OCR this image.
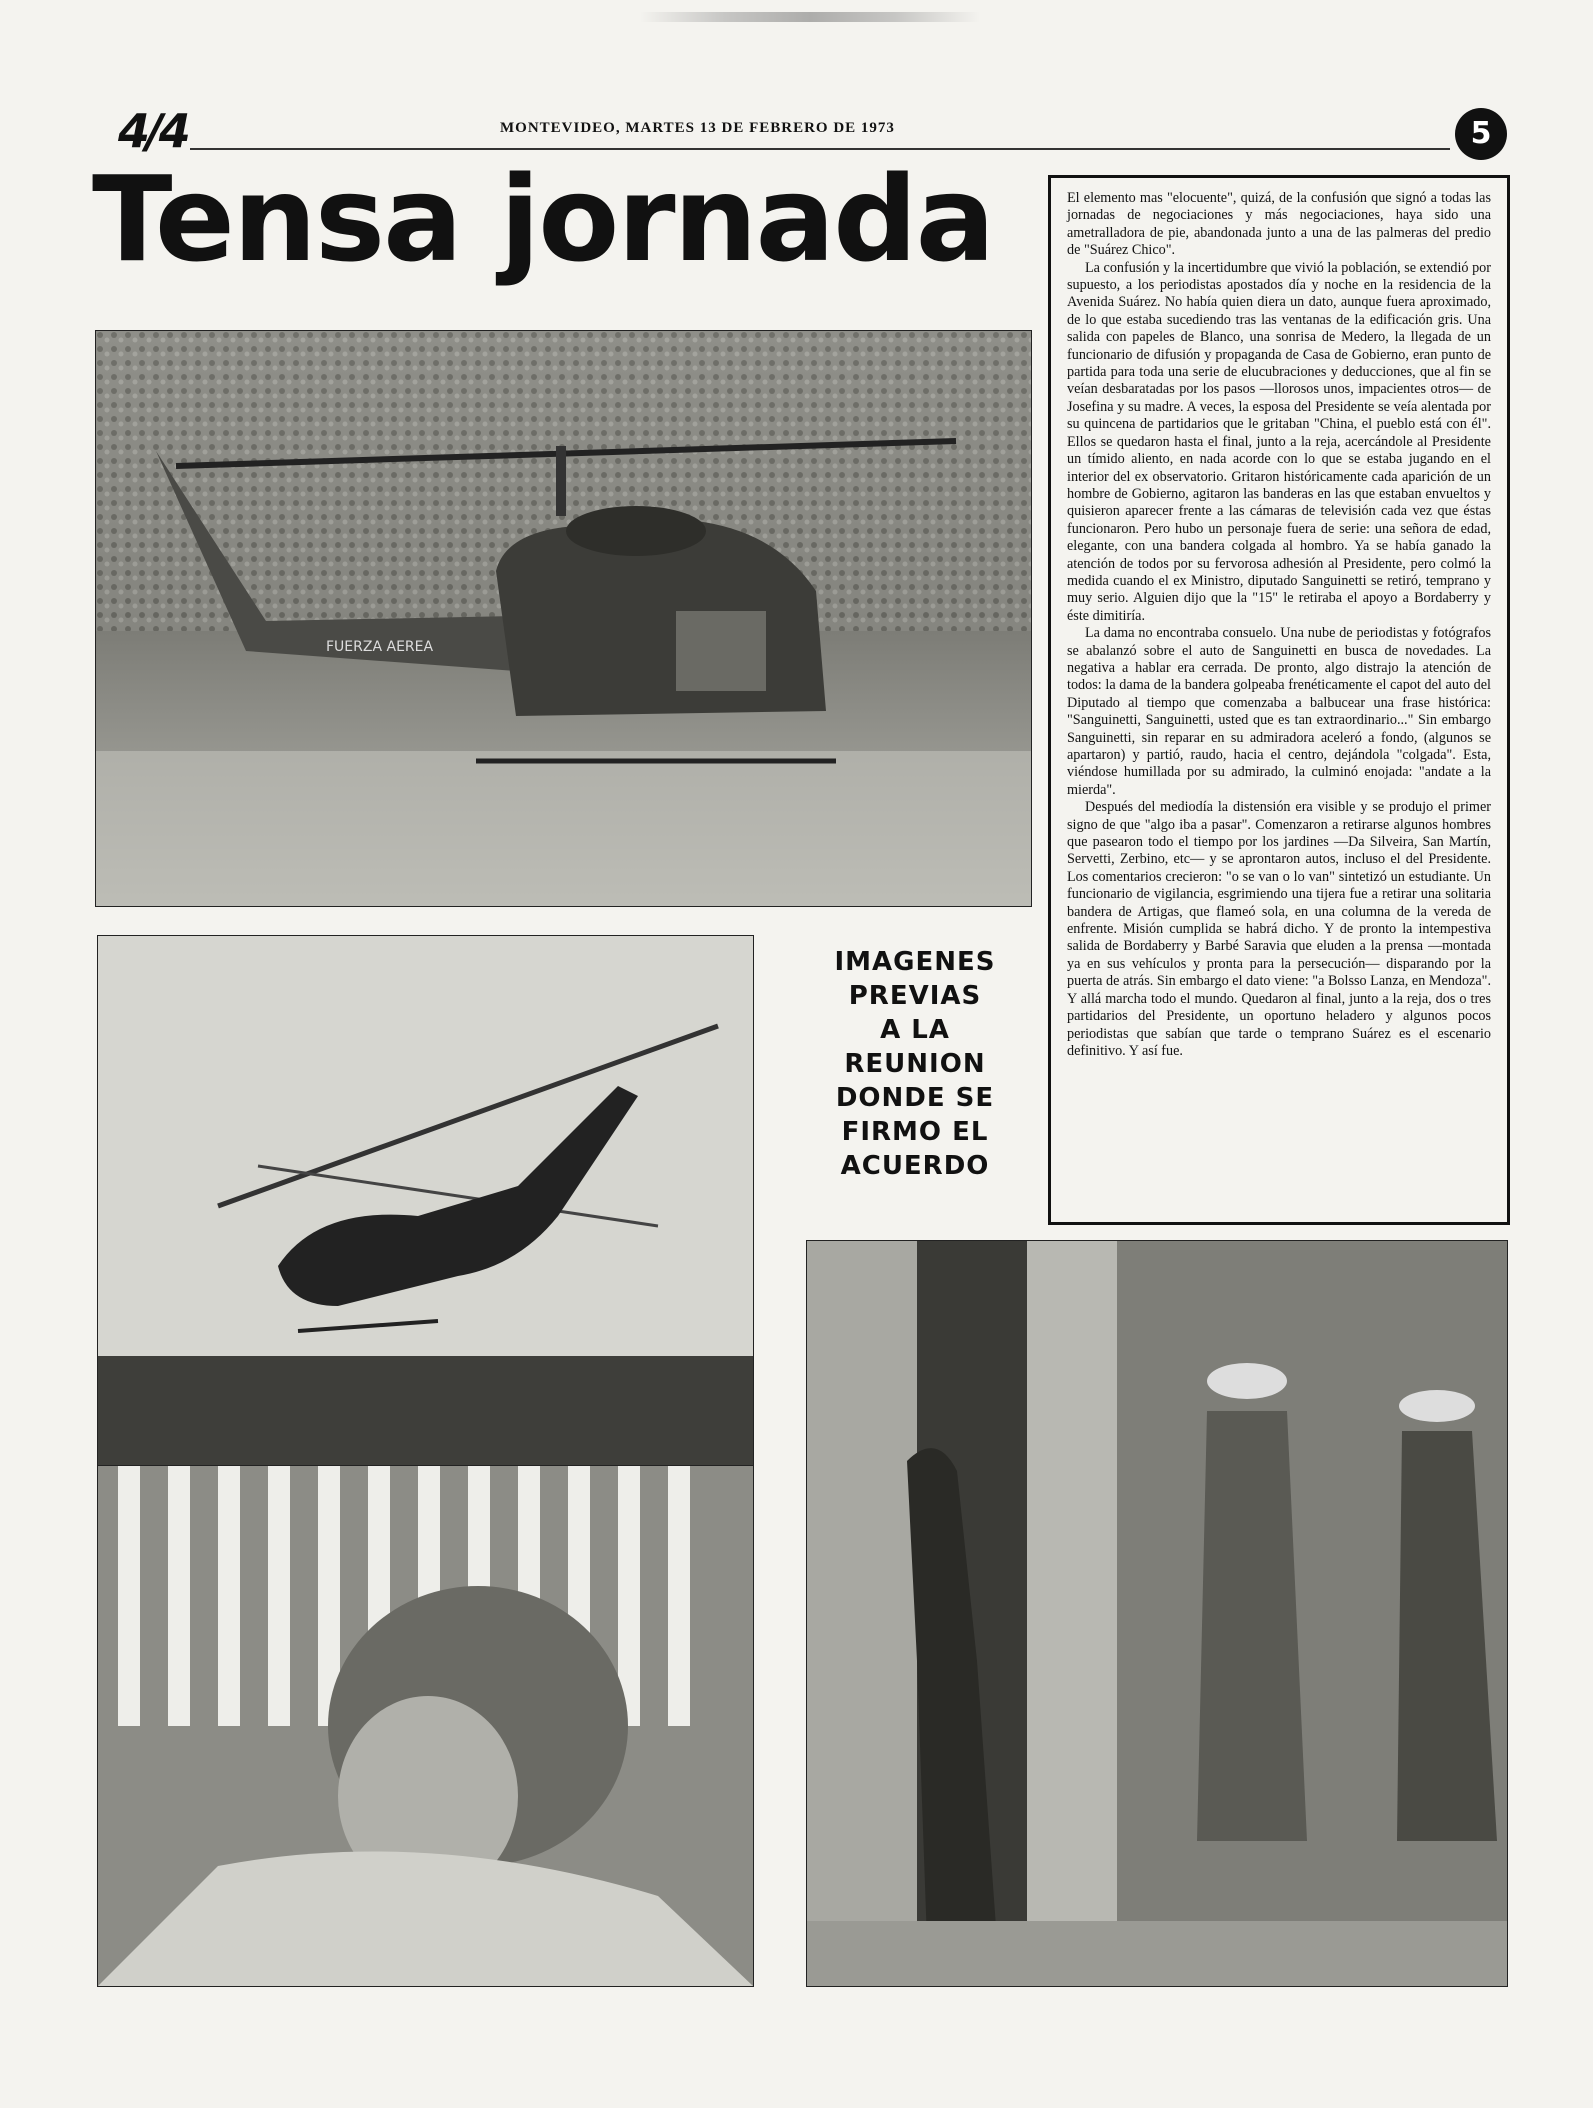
4/4	MONTEVIDEO, MARTES 13 DE FEBRERO DE 1973	5
Tensa jornada
FUERZA AEREA
IMAGENES
PREVIAS
A LA
REUNION
DONDE SE
FIRMO EL
ACUERDO

El elemento mas "elocuente", quizá, de la confusión que signó a todas las jornadas de negociaciones y más negociaciones, haya sido una ametralladora de pie, abandonada junto a una de las palmeras del predio de "Suárez Chico".

La confusión y la incertidumbre que vivió la población, se extendió por supuesto, a los periodistas apostados día y noche en la residencia de la Avenida Suárez. No había quien diera un dato, aunque fuera aproximado, de lo que estaba sucediendo tras las ventanas de la edificación gris. Una salida con papeles de Blanco, una sonrisa de Medero, la llegada de un funcionario de difusión y propaganda de Casa de Gobierno, eran punto de partida para toda una serie de elucubraciones y deducciones, que al fin se veían desbaratadas por los pasos —llorosos unos, impacientes otros— de Josefina y su madre. A veces, la esposa del Presidente se veía alentada por su quincena de partidarios que le gritaban "China, el pueblo está con él". Ellos se quedaron hasta el final, junto a la reja, acercándole al Presidente un tímido aliento, en nada acorde con lo que se estaba jugando en el interior del ex observatorio. Gritaron históricamente cada aparición de un hombre de Gobierno, agitaron las banderas en las que estaban envueltos y quisieron aparecer frente a las cámaras de televisión cada vez que éstas funcionaron. Pero hubo un personaje fuera de serie: una señora de edad, elegante, con una bandera colgada al hombro. Ya se había ganado la atención de todos por su fervorosa adhesión al Presidente, pero colmó la medida cuando el ex Ministro, diputado Sanguinetti se retiró, temprano y muy serio. Alguien dijo que la "15" le retiraba el apoyo a Bordaberry y éste dimitiría.

La dama no encontraba consuelo. Una nube de periodistas y fotógrafos se abalanzó sobre el auto de Sanguinetti en busca de novedades. La negativa a hablar era cerrada. De pronto, algo distrajo la atención de todos: la dama de la bandera golpeaba frenéticamente el capot del auto del Diputado al tiempo que comenzaba a balbucear una frase histórica: "Sanguinetti, Sanguinetti, usted que es tan extraordinario..." Sin embargo Sanguinetti, sin reparar en su admiradora aceleró a fondo, (algunos se apartaron) y partió, raudo, hacia el centro, dejándola "colgada". Esta, viéndose humillada por su admirado, la culminó enojada: "andate a la mierda".

Después del mediodía la distensión era visible y se produjo el primer signo de que "algo iba a pasar". Comenzaron a retirarse algunos hombres que pasearon todo el tiempo por los jardines —Da Silveira, San Martín, Servetti, Zerbino, etc— y se aprontaron autos, incluso el del Presidente. Los comentarios crecieron: "o se van o lo van" sintetizó un estudiante. Un funcionario de vigilancia, esgrimiendo una tijera fue a retirar una solitaria bandera de Artigas, que flameó sola, en una columna de la vereda de enfrente. Misión cumplida se habrá dicho. Y de pronto la intempestiva salida de Bordaberry y Barbé Saravia que eluden a la prensa —montada ya en sus vehículos y pronta para la persecución— disparando por la puerta de atrás. Sin embargo el dato viene: "a Bolsso Lanza, en Mendoza". Y allá marcha todo el mundo. Quedaron al final, junto a la reja, dos o tres partidarios del Presidente, un oportuno heladero y algunos pocos periodistas que sabían que tarde o temprano Suárez es el escenario definitivo. Y así fue.
